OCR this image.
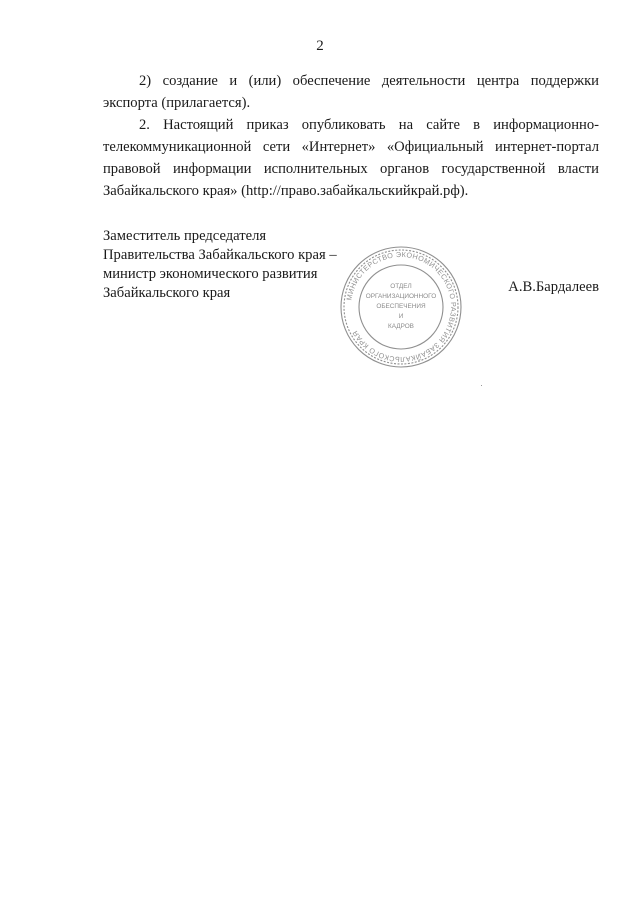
2

2) создание и (или) обеспечение деятельности центра поддержки экспорта (прилагается).

2. Настоящий приказ опубликовать на сайте в информационно-телекоммуникационной сети «Интернет» «Официальный интернет-портал правовой информации исполнительных органов государственной власти Забайкальского края» (http://право.забайкальскийкрай.рф).

Заместитель председателя
Правительства Забайкальского края –
министр экономического развития
Забайкальского края	А.В.Бардалеев
МИНИСТЕРСТВО ЭКОНОМИЧЕСКОГО РАЗВИТИЯ ЗАБАЙКАЛЬСКОГО КРАЯ
ОТДЕЛ
ОРГАНИЗАЦИОННОГО
ОБЕСПЕЧЕНИЯ
И
КАДРОВ
